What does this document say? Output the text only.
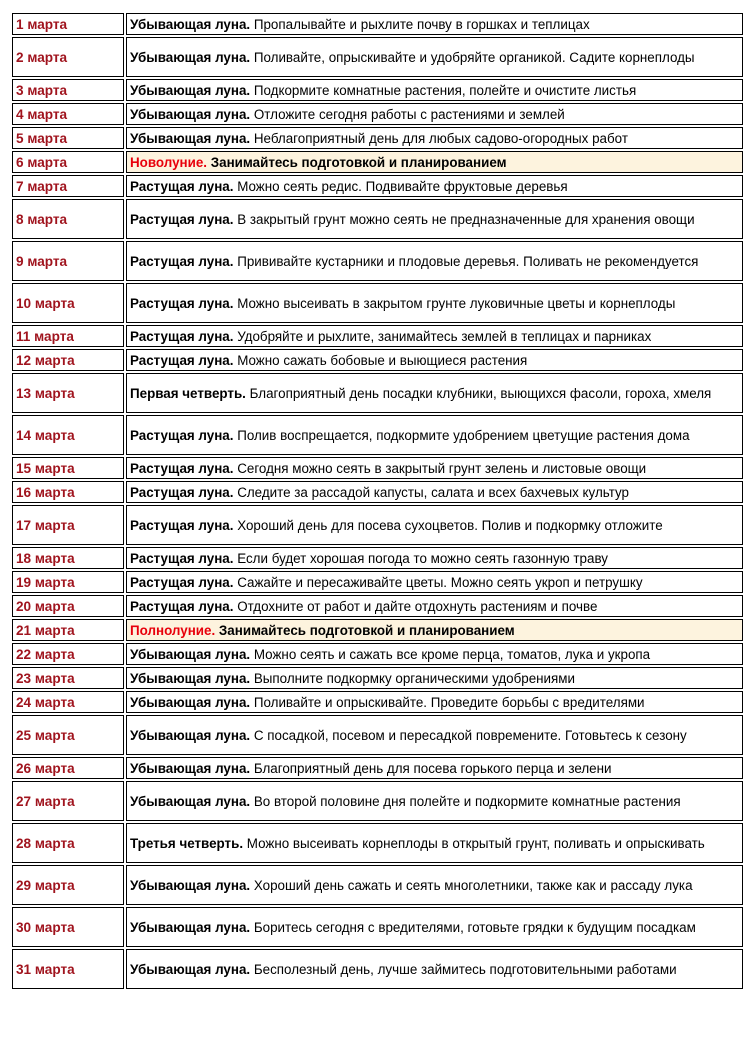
1 марта	Убывающая луна. Пропалывайте и рыхлите почву в горшках и теплицах
2 марта	Убывающая луна. Поливайте, опрыскивайте и удобряйте органикой. Садите корнеплоды
3 марта	Убывающая луна. Подкормите комнатные растения, полейте и очистите листья
4 марта	Убывающая луна. Отложите сегодня работы с растениями и землей
5 марта	Убывающая луна. Неблагоприятный день для любых садово-огородных работ
6 марта	Новолуние. Занимайтесь подготовкой и планированием
7 марта	Растущая луна. Можно сеять редис. Подвивайте фруктовые деревья
8 марта	Растущая луна. В закрытый грунт можно сеять не предназначенные для хранения овощи
9 марта	Растущая луна. Прививайте кустарники и плодовые деревья. Поливать не рекомендуется
10 марта	Растущая луна. Можно высеивать в закрытом грунте луковичные цветы и корнеплоды
11 марта	Растущая луна. Удобряйте и рыхлите, занимайтесь землей в теплицах и парниках
12 марта	Растущая луна. Можно сажать бобовые и выющиеся растения
13 марта	Первая четверть. Благоприятный день посадки клубники, выющихся фасоли, гороха, хмеля
14 марта	Растущая луна. Полив воспрещается, подкормите удобрением цветущие растения дома
15 марта	Растущая луна. Сегодня можно сеять в закрытый грунт зелень и листовые овощи
16 марта	Растущая луна. Следите за рассадой капусты, салата и всех бахчевых культур
17 марта	Растущая луна. Хороший день для посева сухоцветов. Полив и подкормку отложите
18 марта	Растущая луна. Если будет хорошая погода то можно сеять газонную траву
19 марта	Растущая луна. Сажайте и пересаживайте цветы. Можно сеять укроп и петрушку
20 марта	Растущая луна. Отдохните от работ и дайте отдохнуть растениям и почве
21 марта	Полнолуние. Занимайтесь подготовкой и планированием
22 марта	Убывающая луна. Можно сеять и сажать все кроме перца, томатов, лука и укропа
23 марта	Убывающая луна. Выполните подкормку органическими удобрениями
24 марта	Убывающая луна. Поливайте и опрыскивайте. Проведите борьбы с вредителями
25 марта	Убывающая луна. С посадкой, посевом и пересадкой повремените. Готовьтесь к сезону
26 марта	Убывающая луна. Благоприятный день для посева горького перца и зелени
27 марта	Убывающая луна. Во второй половине дня полейте и подкормите комнатные растения
28 марта	Третья четверть. Можно высеивать корнеплоды в открытый грунт, поливать и опрыскивать
29 марта	Убывающая луна. Хороший день сажать и сеять многолетники, также как и рассаду лука
30 марта	Убывающая луна. Боритесь сегодня с вредителями, готовьте грядки к будущим посадкам
31 марта	Убывающая луна. Бесполезный день, лучше займитесь подготовительными работами
